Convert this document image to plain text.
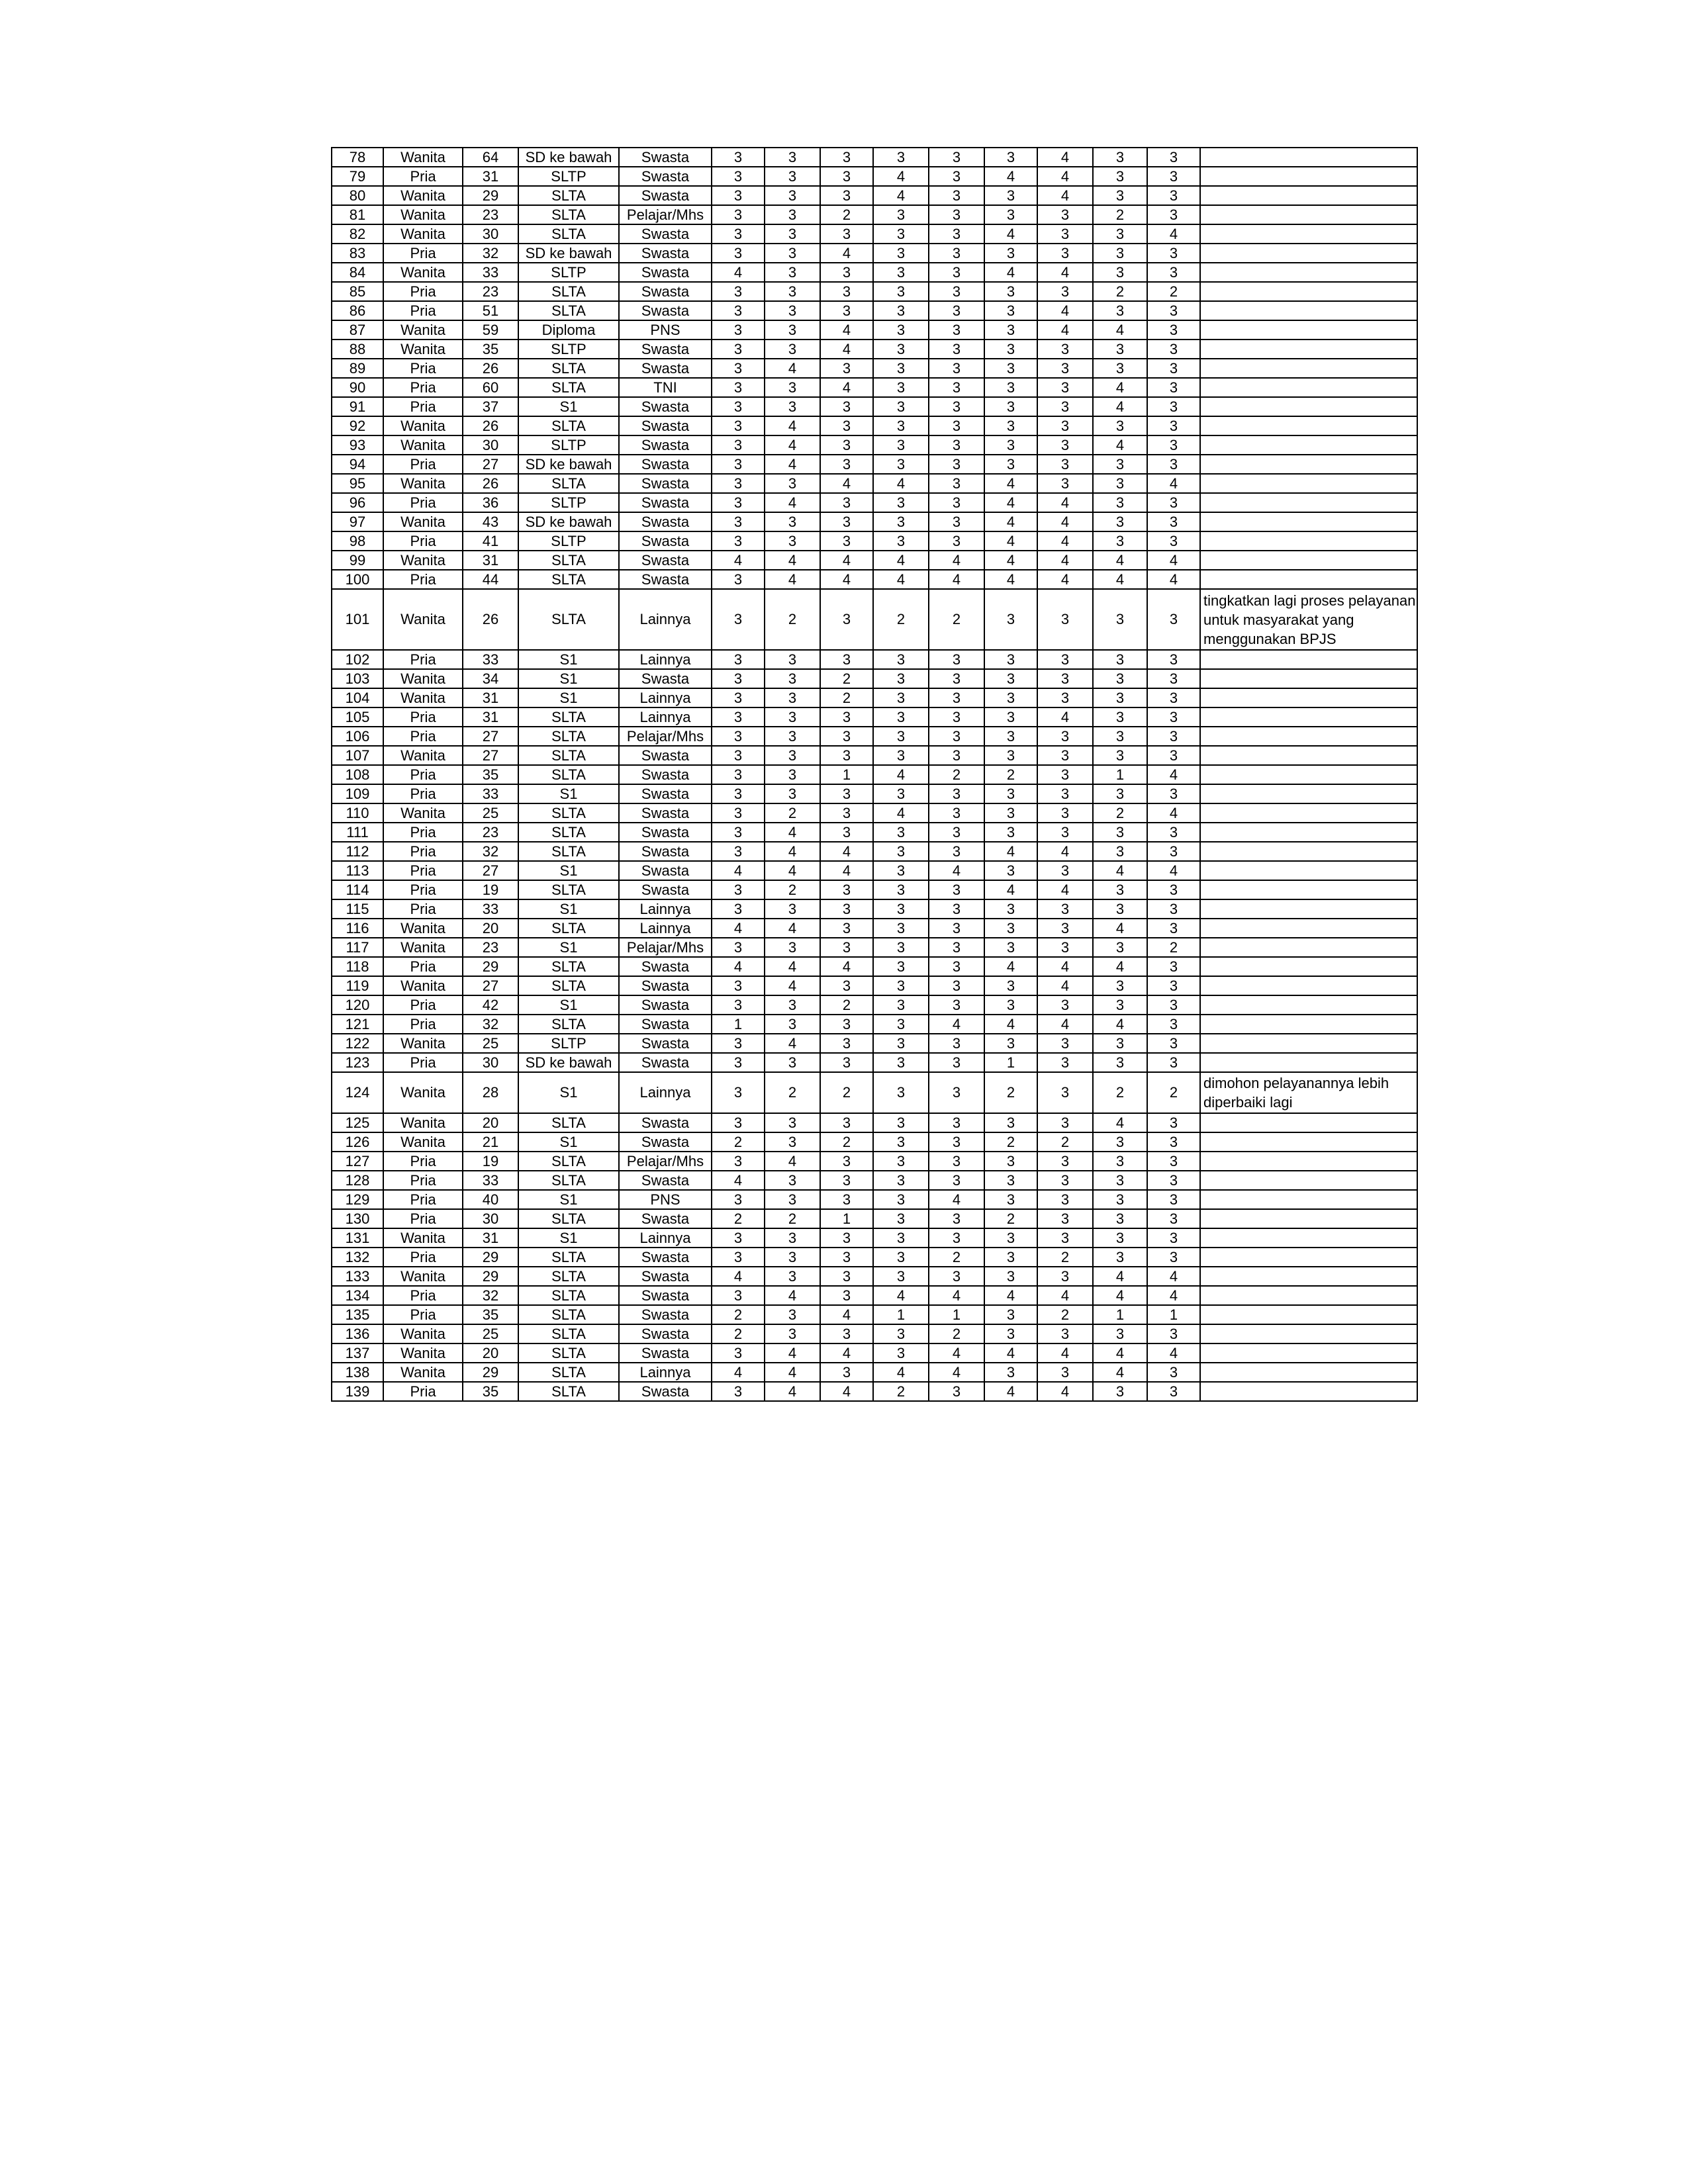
78	Wanita	64	SD ke bawah	Swasta	3	3	3	3	3	3	4	3	3	
79	Pria	31	SLTP	Swasta	3	3	3	4	3	4	4	3	3	
80	Wanita	29	SLTA	Swasta	3	3	3	4	3	3	4	3	3	
81	Wanita	23	SLTA	Pelajar/Mhs	3	3	2	3	3	3	3	2	3	
82	Wanita	30	SLTA	Swasta	3	3	3	3	3	4	3	3	4	
83	Pria	32	SD ke bawah	Swasta	3	3	4	3	3	3	3	3	3	
84	Wanita	33	SLTP	Swasta	4	3	3	3	3	4	4	3	3	
85	Pria	23	SLTA	Swasta	3	3	3	3	3	3	3	2	2	
86	Pria	51	SLTA	Swasta	3	3	3	3	3	3	4	3	3	
87	Wanita	59	Diploma	PNS	3	3	4	3	3	3	4	4	3	
88	Wanita	35	SLTP	Swasta	3	3	4	3	3	3	3	3	3	
89	Pria	26	SLTA	Swasta	3	4	3	3	3	3	3	3	3	
90	Pria	60	SLTA	TNI	3	3	4	3	3	3	3	4	3	
91	Pria	37	S1	Swasta	3	3	3	3	3	3	3	4	3	
92	Wanita	26	SLTA	Swasta	3	4	3	3	3	3	3	3	3	
93	Wanita	30	SLTP	Swasta	3	4	3	3	3	3	3	4	3	
94	Pria	27	SD ke bawah	Swasta	3	4	3	3	3	3	3	3	3	
95	Wanita	26	SLTA	Swasta	3	3	4	4	3	4	3	3	4	
96	Pria	36	SLTP	Swasta	3	4	3	3	3	4	4	3	3	
97	Wanita	43	SD ke bawah	Swasta	3	3	3	3	3	4	4	3	3	
98	Pria	41	SLTP	Swasta	3	3	3	3	3	4	4	3	3	
99	Wanita	31	SLTA	Swasta	4	4	4	4	4	4	4	4	4	
100	Pria	44	SLTA	Swasta	3	4	4	4	4	4	4	4	4	
101	Wanita	26	SLTA	Lainnya	3	2	3	2	2	3	3	3	3	tingkatkan lagi proses pelayanan untuk masyarakat yang menggunakan BPJS
102	Pria	33	S1	Lainnya	3	3	3	3	3	3	3	3	3	
103	Wanita	34	S1	Swasta	3	3	2	3	3	3	3	3	3	
104	Wanita	31	S1	Lainnya	3	3	2	3	3	3	3	3	3	
105	Pria	31	SLTA	Lainnya	3	3	3	3	3	3	4	3	3	
106	Pria	27	SLTA	Pelajar/Mhs	3	3	3	3	3	3	3	3	3	
107	Wanita	27	SLTA	Swasta	3	3	3	3	3	3	3	3	3	
108	Pria	35	SLTA	Swasta	3	3	1	4	2	2	3	1	4	
109	Pria	33	S1	Swasta	3	3	3	3	3	3	3	3	3	
110	Wanita	25	SLTA	Swasta	3	2	3	4	3	3	3	2	4	
111	Pria	23	SLTA	Swasta	3	4	3	3	3	3	3	3	3	
112	Pria	32	SLTA	Swasta	3	4	4	3	3	4	4	3	3	
113	Pria	27	S1	Swasta	4	4	4	3	4	3	3	4	4	
114	Pria	19	SLTA	Swasta	3	2	3	3	3	4	4	3	3	
115	Pria	33	S1	Lainnya	3	3	3	3	3	3	3	3	3	
116	Wanita	20	SLTA	Lainnya	4	4	3	3	3	3	3	4	3	
117	Wanita	23	S1	Pelajar/Mhs	3	3	3	3	3	3	3	3	2	
118	Pria	29	SLTA	Swasta	4	4	4	3	3	4	4	4	3	
119	Wanita	27	SLTA	Swasta	3	4	3	3	3	3	4	3	3	
120	Pria	42	S1	Swasta	3	3	2	3	3	3	3	3	3	
121	Pria	32	SLTA	Swasta	1	3	3	3	4	4	4	4	3	
122	Wanita	25	SLTP	Swasta	3	4	3	3	3	3	3	3	3	
123	Pria	30	SD ke bawah	Swasta	3	3	3	3	3	1	3	3	3	
124	Wanita	28	S1	Lainnya	3	2	2	3	3	2	3	2	2	dimohon pelayanannya lebih diperbaiki lagi
125	Wanita	20	SLTA	Swasta	3	3	3	3	3	3	3	4	3	
126	Wanita	21	S1	Swasta	2	3	2	3	3	2	2	3	3	
127	Pria	19	SLTA	Pelajar/Mhs	3	4	3	3	3	3	3	3	3	
128	Pria	33	SLTA	Swasta	4	3	3	3	3	3	3	3	3	
129	Pria	40	S1	PNS	3	3	3	3	4	3	3	3	3	
130	Pria	30	SLTA	Swasta	2	2	1	3	3	2	3	3	3	
131	Wanita	31	S1	Lainnya	3	3	3	3	3	3	3	3	3	
132	Pria	29	SLTA	Swasta	3	3	3	3	2	3	2	3	3	
133	Wanita	29	SLTA	Swasta	4	3	3	3	3	3	3	4	4	
134	Pria	32	SLTA	Swasta	3	4	3	4	4	4	4	4	4	
135	Pria	35	SLTA	Swasta	2	3	4	1	1	3	2	1	1	
136	Wanita	25	SLTA	Swasta	2	3	3	3	2	3	3	3	3	
137	Wanita	20	SLTA	Swasta	3	4	4	3	4	4	4	4	4	
138	Wanita	29	SLTA	Lainnya	4	4	3	4	4	3	3	4	3	
139	Pria	35	SLTA	Swasta	3	4	4	2	3	4	4	3	3	
